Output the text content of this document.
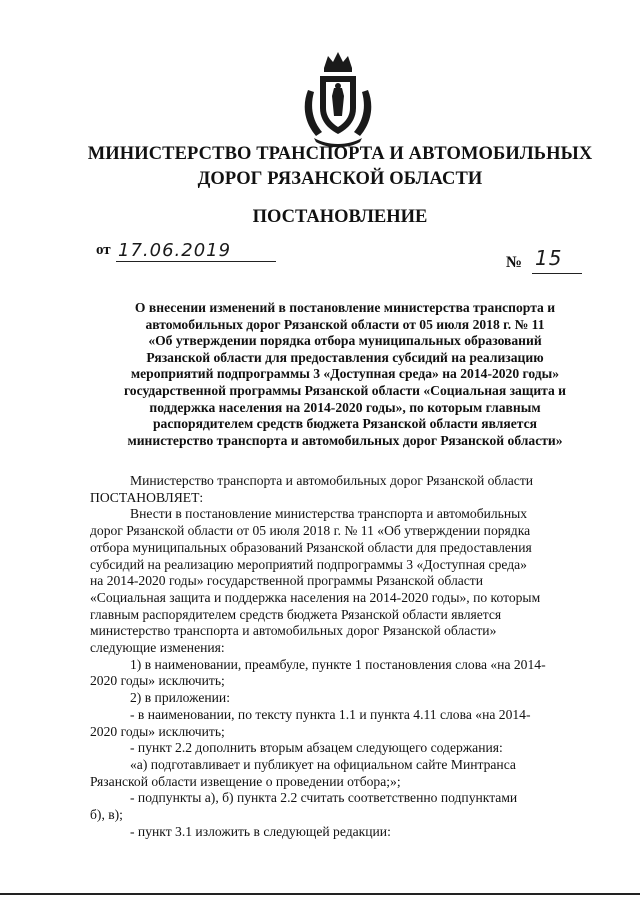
МИНИСТЕРСТВО ТРАНСПОРТА И АВТОМОБИЛЬНЫХ
ДОРОГ РЯЗАНСКОЙ ОБЛАСТИ
ПОСТАНОВЛЕНИЕ
от 17.06.2019
№ 15
О внесении изменений в постановление министерства транспорта и
автомобильных дорог Рязанской области от 05 июля 2018 г. № 11
«Об утверждении порядка отбора муниципальных образований
Рязанской области для предоставления субсидий на реализацию
мероприятий подпрограммы 3 «Доступная среда» на 2014-2020 годы»
государственной программы Рязанской области «Социальная защита и
поддержка населения на 2014-2020 годы», по которым главным
распорядителем средств бюджета Рязанской области является
министерство транспорта и автомобильных дорог Рязанской области»
Министерство транспорта и автомобильных дорог Рязанской области
ПОСТАНОВЛЯЕТ:
Внести в постановление министерства транспорта и автомобильных
дорог Рязанской области от 05 июля 2018 г. № 11 «Об утверждении порядка
отбора муниципальных образований Рязанской области для предоставления
субсидий на реализацию мероприятий подпрограммы 3 «Доступная среда»
на 2014-2020 годы» государственной программы Рязанской области
«Социальная защита и поддержка населения на 2014-2020 годы», по которым
главным распорядителем средств бюджета Рязанской области является
министерство транспорта и автомобильных дорог Рязанской области»
следующие изменения:
1) в наименовании, преамбуле, пункте 1 постановления слова «на 2014-
2020 годы» исключить;
2) в приложении:
- в наименовании, по тексту пункта 1.1 и пункта 4.11 слова «на 2014-
2020 годы» исключить;
- пункт 2.2 дополнить вторым абзацем следующего содержания:
«а) подготавливает и публикует на официальном сайте Минтранса
Рязанской области извещение о проведении отбора;»;
- подпункты а), б) пункта 2.2 считать соответственно подпунктами
б), в);
- пункт 3.1 изложить в следующей редакции:
